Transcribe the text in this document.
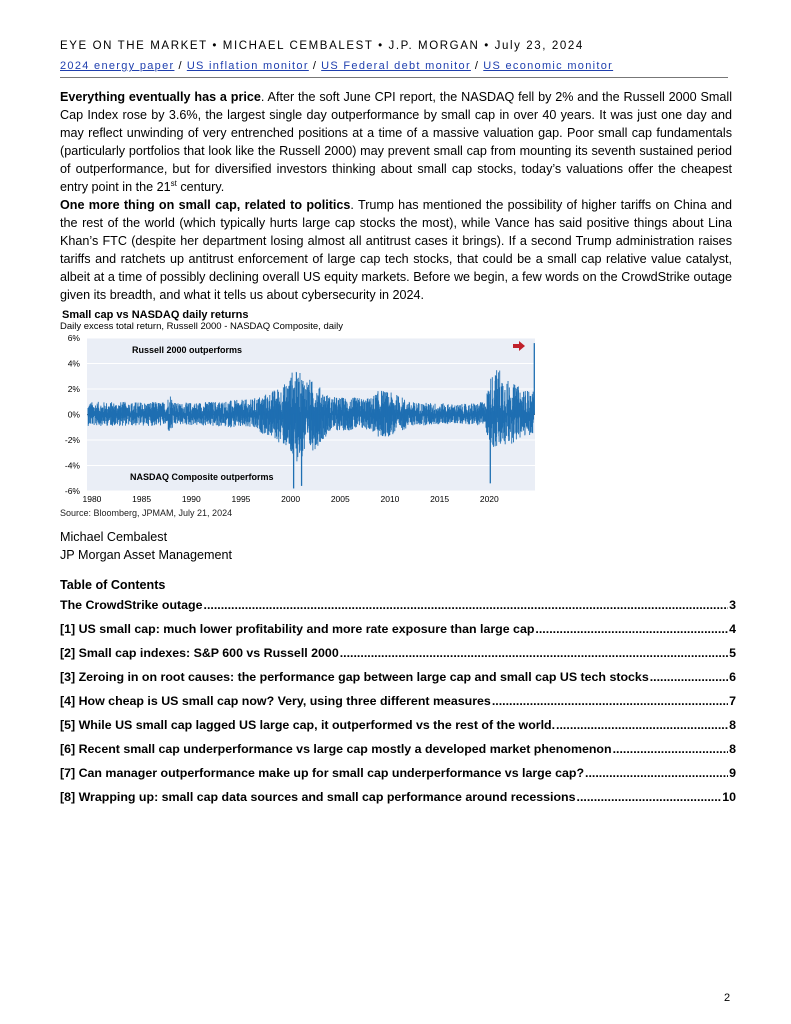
EYE ON THE MARKET • MICHAEL CEMBALEST • J.P. MORGAN • July 23, 2024
2024 energy paper / US inflation monitor / US Federal debt monitor / US economic monitor
Everything eventually has a price. After the soft June CPI report, the NASDAQ fell by 2% and the Russell 2000 Small Cap Index rose by 3.6%, the largest single day outperformance by small cap in over 40 years. It was just one day and may reflect unwinding of very entrenched positions at a time of a massive valuation gap. Poor small cap fundamentals (particularly portfolios that look like the Russell 2000) may prevent small cap from mounting its seventh sustained period of outperformance, but for diversified investors thinking about small cap stocks, today’s valuations offer the cheapest entry point in the 21st century.
One more thing on small cap, related to politics. Trump has mentioned the possibility of higher tariffs on China and the rest of the world (which typically hurts large cap stocks the most), while Vance has said positive things about Lina Khan’s FTC (despite her department losing almost all antitrust cases it brings). If a second Trump administration raises tariffs and ratchets up antitrust enforcement of large cap tech stocks, that could be a small cap relative value catalyst, albeit at a time of possibly declining overall US equity markets. Before we begin, a few words on the CrowdStrike outage given its breadth, and what it tells us about cybersecurity in 2024.
Small cap vs NASDAQ daily returns
Daily excess total return, Russell 2000 - NASDAQ Composite, daily
6%
4%
2%
0%
-2%
-4%
-6%
1980	1985	1990	1995	2000	2005	2010	2015	2020
Russell 2000 outperforms
NASDAQ Composite outperforms
Source: Bloomberg, JPMAM, July 21, 2024
Michael Cembalest
JP Morgan Asset Management
Table of Contents
The CrowdStrike outage .....	3
[1] US small cap: much lower profitability and more rate exposure than large cap .....	4
[2] Small cap indexes: S&P 600 vs Russell 2000 .....	5
[3] Zeroing in on root causes: the performance gap between large cap and small cap US tech stocks .....	6
[4] How cheap is US small cap now? Very, using three different measures .....	7
[5] While US small cap lagged US large cap, it outperformed vs the rest of the world. .....	8
[6] Recent small cap underperformance vs large cap mostly a developed market phenomenon .....	8
[7] Can manager outperformance make up for small cap underperformance vs large cap? .....	9
[8] Wrapping up: small cap data sources and small cap performance around recessions .....	10
2
